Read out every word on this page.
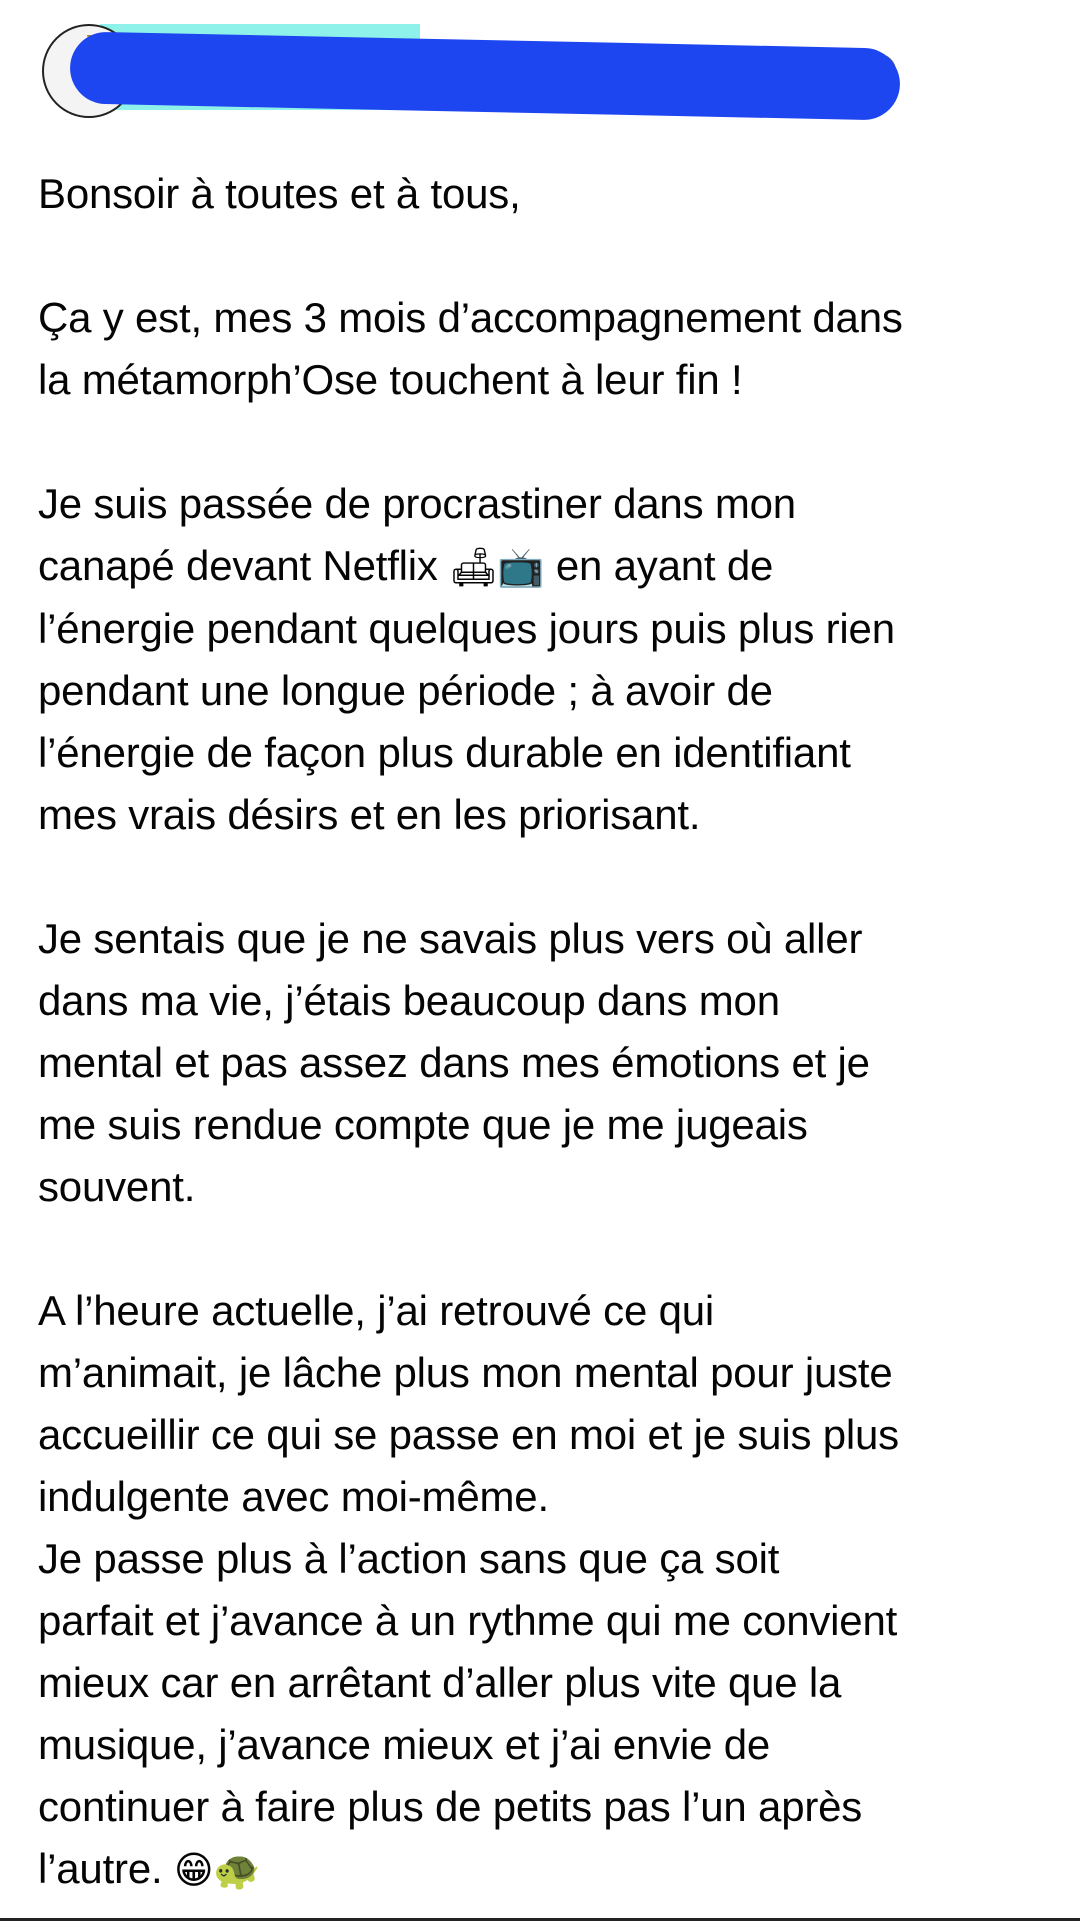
Bonsoir à toutes et à tous,

Ça y est, mes 3 mois d’accompagnement dans

la métamorph’Ose touchent à leur fin !

Je suis passée de procrastiner dans mon

canapé devant Netflix 🛋📺 en ayant de

l’énergie pendant quelques jours puis plus rien

pendant une longue période ; à avoir de

l’énergie de façon plus durable en identifiant

mes vrais désirs et en les priorisant.

Je sentais que je ne savais plus vers où aller

dans ma vie, j’étais beaucoup dans mon

mental et pas assez dans mes émotions et je

me suis rendue compte que je me jugeais

souvent.

A l’heure actuelle, j’ai retrouvé ce qui

m’animait, je lâche plus mon mental pour juste

accueillir ce qui se passe en moi et je suis plus

indulgente avec moi-même.

Je passe plus à l’action sans que ça soit

parfait et j’avance à un rythme qui me convient

mieux car en arrêtant d’aller plus vite que la

musique, j’avance mieux et j’ai envie de

continuer à faire plus de petits pas l’un après

l’autre. 😁🐢
